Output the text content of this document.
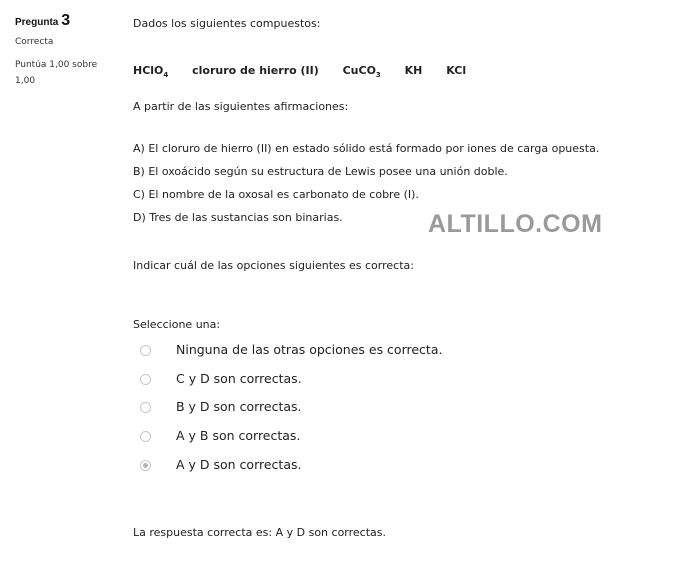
Pregunta 3
Correcta
Puntúa 1,00 sobre
1,00
Dados los siguientes compuestos:
HClO$_4$ cloruro de hierro (II) CuCO$_3$ KH KCl
A partir de las siguientes afirmaciones:
A) El cloruro de hierro (II) en estado sólido está formado por iones de carga opuesta.
B) El oxoácido según su estructura de Lewis posee una unión doble.
C) El nombre de la oxosal es carbonato de cobre (I).
D) Tres de las sustancias son binarias.
Indicar cuál de las opciones siguientes es correcta:
Seleccione una:
La respuesta correcta es: A y D son correctas.
ALTILLO.COM
Ninguna de las otras opciones es correcta.
C y D son correctas.
B y D son correctas.
A y B son correctas.
A y D son correctas.
